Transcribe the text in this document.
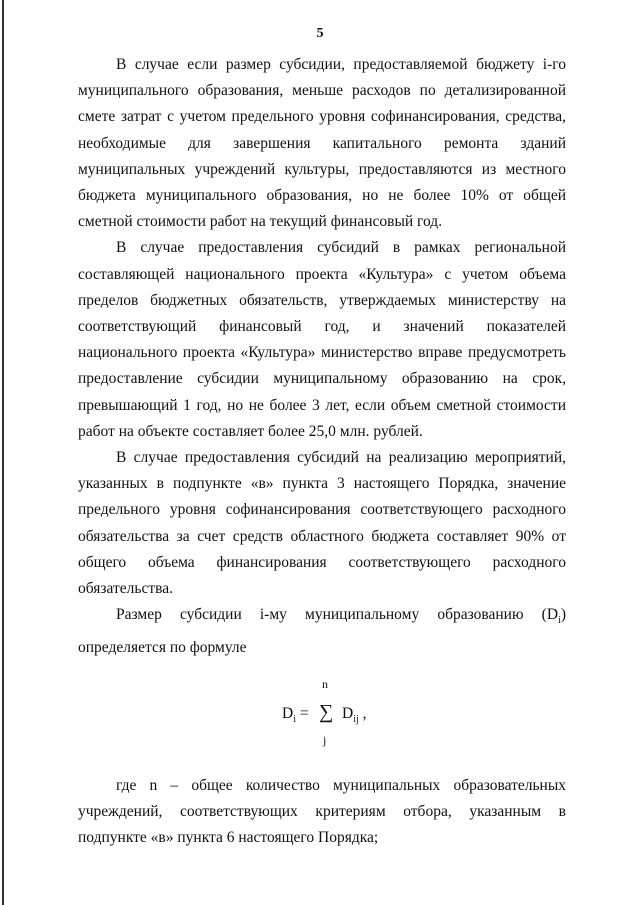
5

В случае если размер субсидии, предоставляемой бюджету i-го муниципального образования, меньше расходов по детализированной смете затрат с учетом предельного уровня софинансирования, средства, необходимые для завершения капитального ремонта зданий муниципальных учреждений культуры, предоставляются из местного бюджета муниципального образования, но не более 10% от общей сметной стоимости работ на текущий финансовый год.

В случае предоставления субсидий в рамках региональной составляющей национального проекта «Культура» с учетом объема пределов бюджетных обязательств, утверждаемых министерству на соответствующий финансовый год, и значений показателей национального проекта «Культура» министерство вправе предусмотреть предоставление субсидии муниципальному образованию на срок, превышающий 1 год, но не более 3 лет, если объем сметной стоимости работ на объекте составляет более 25,0 млн. рублей.

В случае предоставления субсидий на реализацию мероприятий, указанных в подпункте «в» пункта 3 настоящего Порядка, значение предельного уровня софинансирования соответствующего расходного обязательства за счет средств областного бюджета составляет 90% от общего объема финансирования соответствующего расходного обязательства.

Размер субсидии i-му муниципальному образованию $(D_i)$ определяется по формуле

$D_i$ =
n
∑
j
$D_{ij}$ ,

где n – общее количество муниципальных образовательных учреждений, соответствующих критериям отбора, указанным в подпункте «в» пункта 6 настоящего Порядка;
